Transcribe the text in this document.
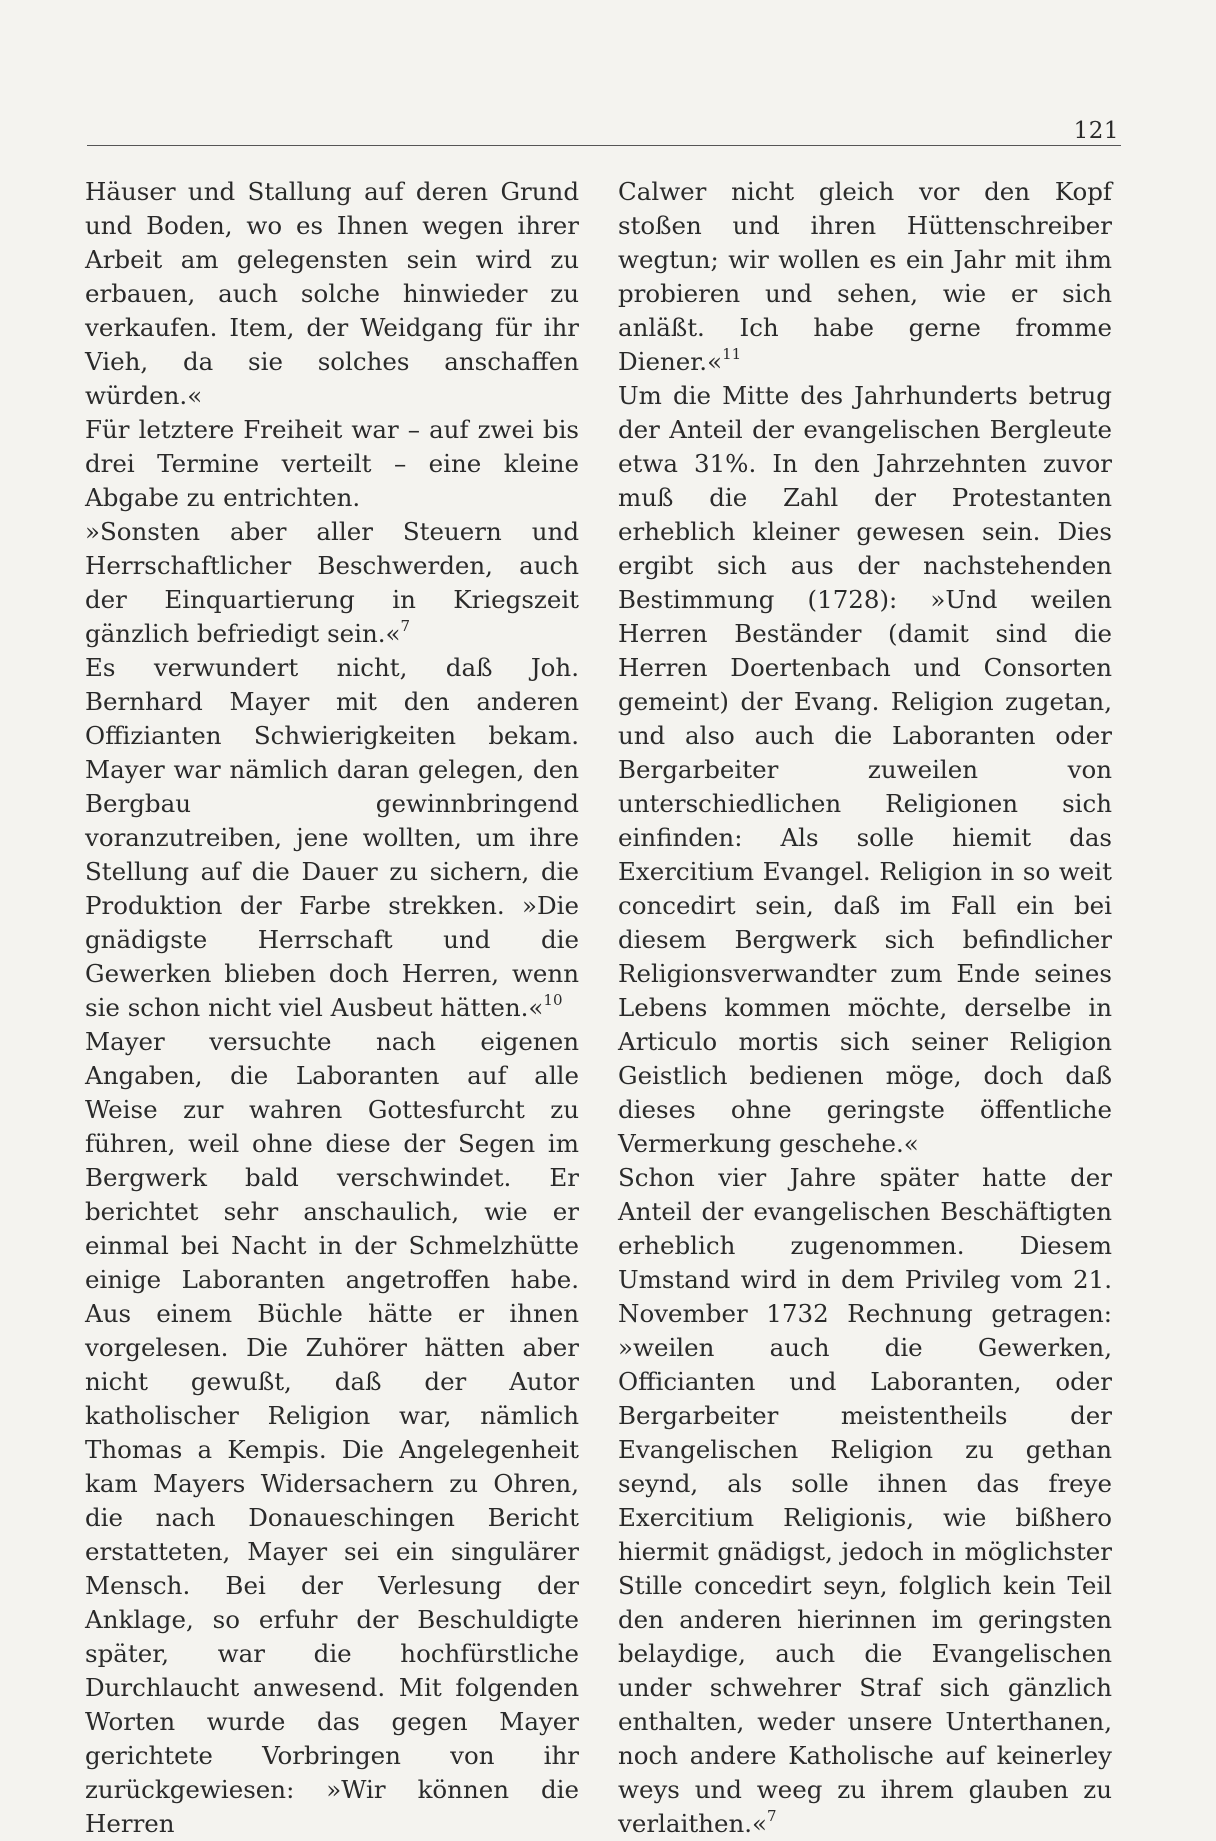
121

Häuser und Stallung auf deren Grund und Boden, wo es Ihnen wegen ihrer Arbeit am gelegensten sein wird zu erbauen, auch solche hinwieder zu verkaufen. Item, der Weidgang für ihr Vieh, da sie solches anschaffen würden.«

Für letztere Freiheit war – auf zwei bis drei Termine verteilt – eine kleine Abgabe zu entrichten.

»Sonsten aber aller Steuern und Herrschaftlicher Beschwerden, auch der Einquartierung in Kriegszeit gänzlich befriedigt sein.«$^7$

Es verwundert nicht, daß Joh. Bernhard Mayer mit den anderen Offizianten Schwierigkeiten bekam. Mayer war nämlich daran gelegen, den Bergbau gewinnbringend voranzutreiben, jene wollten, um ihre Stellung auf die Dauer zu sichern, die Produktion der Farbe strekken. »Die gnädigste Herrschaft und die Gewerken blieben doch Herren, wenn sie schon nicht viel Ausbeut hätten.«$^{10}$

Mayer versuchte nach eigenen Angaben, die Laboranten auf alle Weise zur wahren Gottesfurcht zu führen, weil ohne diese der Segen im Bergwerk bald verschwindet. Er berichtet sehr anschaulich, wie er einmal bei Nacht in der Schmelzhütte einige Laboranten angetroffen habe. Aus einem Büchle hätte er ihnen vorgelesen. Die Zuhörer hätten aber nicht gewußt, daß der Autor katholischer Religion war, nämlich Thomas a Kempis. Die Angelegenheit kam Mayers Widersachern zu Ohren, die nach Donaueschingen Bericht erstatteten, Mayer sei ein singulärer Mensch. Bei der Verlesung der Anklage, so erfuhr der Beschuldigte später, war die hochfürstliche Durchlaucht anwesend. Mit folgenden Worten wurde das gegen Mayer gerichtete Vorbringen von ihr zurückgewiesen: »Wir können die Herren

Calwer nicht gleich vor den Kopf stoßen und ihren Hüttenschreiber wegtun; wir wollen es ein Jahr mit ihm probieren und sehen, wie er sich anläßt. Ich habe gerne fromme Diener.«$^{11}$

Um die Mitte des Jahrhunderts betrug der Anteil der evangelischen Bergleute etwa 31%. In den Jahrzehnten zuvor muß die Zahl der Protestanten erheblich kleiner gewesen sein. Dies ergibt sich aus der nachstehenden Bestimmung (1728): »Und weilen Herren Beständer (damit sind die Herren Doertenbach und Consorten gemeint) der Evang. Religion zugetan, und also auch die Laboranten oder Bergarbeiter zuweilen von unterschiedlichen Religionen sich einfinden: Als solle hiemit das Exercitium Evangel. Religion in so weit concedirt sein, daß im Fall ein bei diesem Bergwerk sich befindlicher Religionsverwandter zum Ende seines Lebens kommen möchte, derselbe in Articulo mortis sich seiner Religion Geistlich bedienen möge, doch daß dieses ohne geringste öffentliche Vermerkung geschehe.«

Schon vier Jahre später hatte der Anteil der evangelischen Beschäftigten erheblich zugenommen. Diesem Umstand wird in dem Privileg vom 21. November 1732 Rechnung getragen: »weilen auch die Gewerken, Officianten und Laboranten, oder Bergarbeiter meistentheils der Evangelischen Religion zu gethan seynd, als solle ihnen das freye Exercitium Religionis, wie bißhero hiermit gnädigst, jedoch in möglichster Stille concedirt seyn, folglich kein Teil den anderen hierinnen im geringsten belaydige, auch die Evangelischen under schwehrer Straf sich gänzlich enthalten, weder unsere Unterthanen, noch andere Katholische auf keinerley weys und weeg zu ihrem glauben zu verlaithen.«$^7$
